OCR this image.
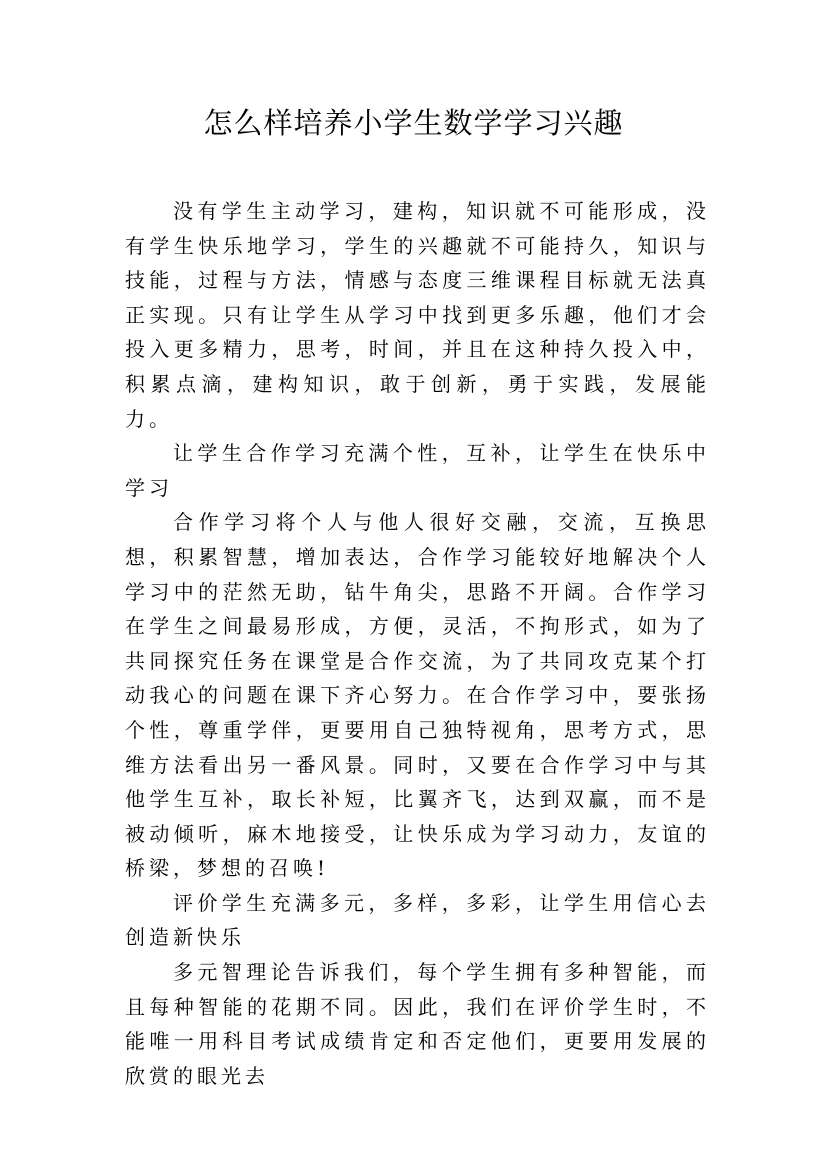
怎么样培养小学生数学学习兴趣

没有学生主动学习，建构，知识就不可能形成，没有学生快乐地学习，学生的兴趣就不可能持久，知识与技能，过程与方法，情感与态度三维课程目标就无法真正实现。只有让学生从学习中找到更多乐趣，他们才会投入更多精力，思考，时间，并且在这种持久投入中，积累点滴，建构知识，敢于创新，勇于实践，发展能力。

让学生合作学习充满个性，互补，让学生在快乐中学习

合作学习将个人与他人很好交融，交流，互换思想，积累智慧，增加表达，合作学习能较好地解决个人学习中的茫然无助，钻牛角尖，思路不开阔。合作学习在学生之间最易形成，方便，灵活，不拘形式，如为了共同探究任务在课堂是合作交流，为了共同攻克某个打动我心的问题在课下齐心努力。在合作学习中，要张扬个性，尊重学伴，更要用自己独特视角，思考方式，思维方法看出另一番风景。同时，又要在合作学习中与其他学生互补，取长补短，比翼齐飞，达到双赢，而不是被动倾听，麻木地接受，让快乐成为学习动力，友谊的桥梁，梦想的召唤!

评价学生充满多元，多样，多彩，让学生用信心去创造新快乐

多元智理论告诉我们，每个学生拥有多种智能，而且每种智能的花期不同。因此，我们在评价学生时，不能唯一用科目考试成绩肯定和否定他们，更要用发展的欣赏的眼光去
